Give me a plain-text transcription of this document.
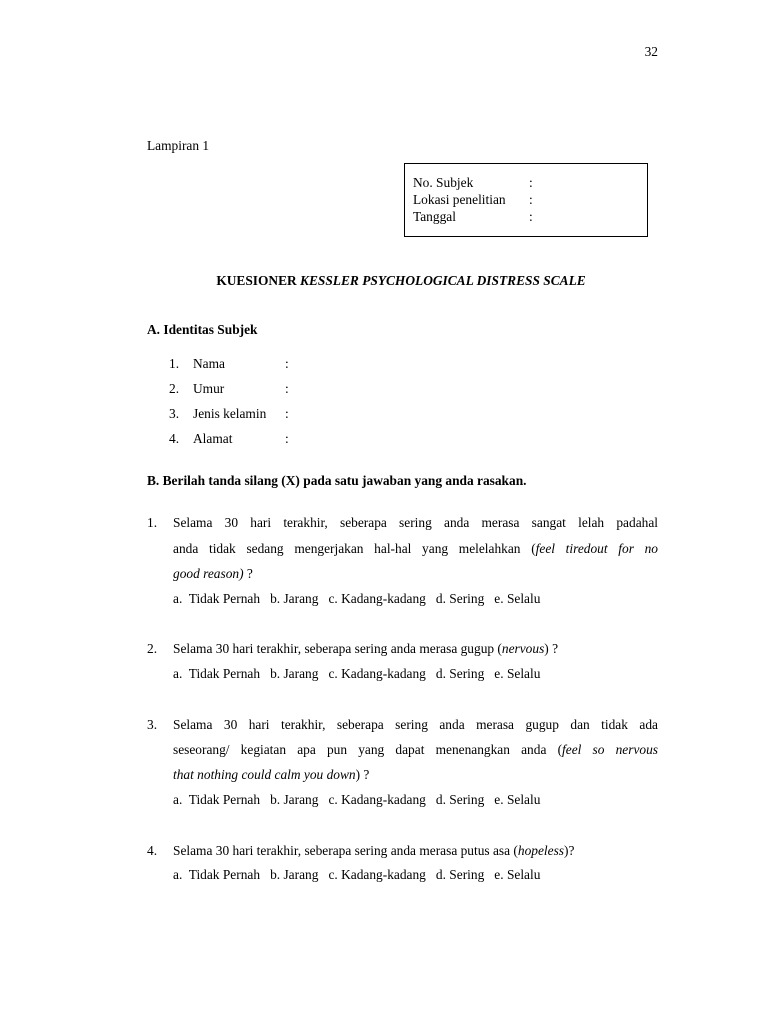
32
Lampiran 1
No. Subjek	:
Lokasi penelitian :
Tanggal	:
KUESIONER KESSLER PSYCHOLOGICAL DISTRESS SCALE
A. Identitas Subjek
1. Nama	:
2. Umur	:
3. Jenis kelamin :
4. Alamat	:
B. Berilah tanda silang (X) pada satu jawaban yang anda rasakan.
1. Selama 30 hari terakhir, seberapa sering anda merasa sangat lelah padahal
anda tidak sedang mengerjakan hal-hal yang melelahkan (feel tiredout for no
good reason) ?
a.  Tidak Pernah   b. Jarang   c. Kadang-kadang   d. Sering   e. Selalu
2. Selama 30 hari terakhir, seberapa sering anda merasa gugup (nervous) ?
a.  Tidak Pernah   b. Jarang   c. Kadang-kadang   d. Sering   e. Selalu
3. Selama 30 hari terakhir, seberapa sering anda merasa gugup dan tidak ada
seseorang/ kegiatan apa pun yang dapat menenangkan anda (feel so nervous
that nothing could calm you down) ?
a.  Tidak Pernah   b. Jarang   c. Kadang-kadang   d. Sering   e. Selalu
4. Selama 30 hari terakhir, seberapa sering anda merasa putus asa (hopeless)?
a.  Tidak Pernah   b. Jarang   c. Kadang-kadang   d. Sering   e. Selalu
